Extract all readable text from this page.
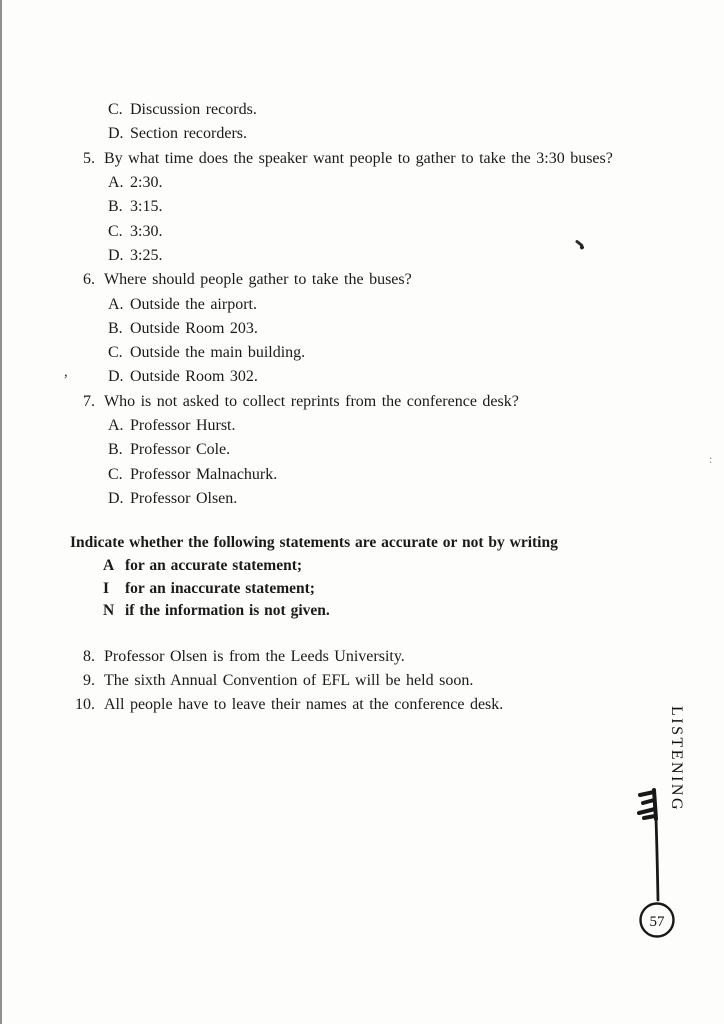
C. Discussion records.
D. Section recorders.
5. By what time does the speaker want people to gather to take the 3:30 buses?
A. 2:30.
B. 3:15.
C. 3:30.
D. 3:25.
6. Where should people gather to take the buses?
A. Outside the airport.
B. Outside Room 203.
C. Outside the main building.
D. Outside Room 302.
7. Who is not asked to collect reprints from the conference desk?
A. Professor Hurst.
B. Professor Cole.
C. Professor Malnachurk.
D. Professor Olsen.
Indicate whether the following statements are accurate or not by writing
A for an accurate statement;
I	for an inaccurate statement;
N if the information is not given.
8. Professor Olsen is from the Leeds University.
9. The sixth Annual Convention of EFL will be held soon.
10. All people have to leave their names at the conference desk.
LISTENING
57
,
:
